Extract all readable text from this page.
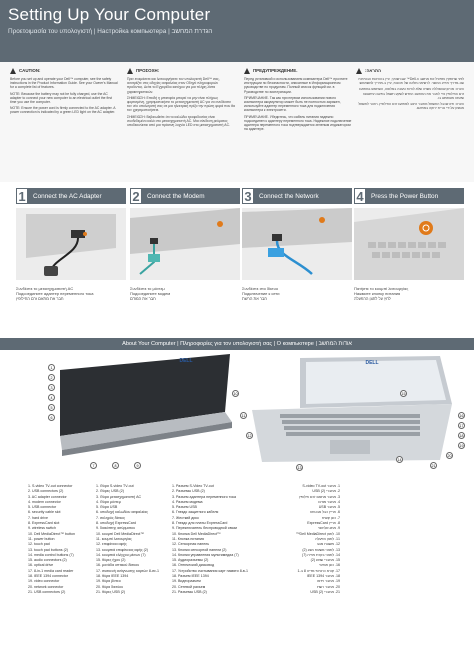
Setting Up Your Computer
Προετοιμασία του υπολογιστή | Настройка компьютера | הגדרת המחשב
CAUTION:

Before you set up and operate your Dell™ computer, see the safety instructions in the Product Information Guide. See your Owner's Manual for a complete list of features.

NOTE: Because the battery may not be fully charged, use the AC adapter to connect your new computer to an electrical outlet the first time you use the computer.

NOTE: Ensure the power cord is firmly connected to the AC adapter. A power connection is indicated by a green LED light on the AC adapter.

ΠΡΟΣΟΧΗ:

Πριν ετοιμάσετε και λειτουργήσετε τον υπολογιστή Dell™ σας, ανατρέξτε στις οδηγίες ασφαλείας στον Οδηγό πληροφοριών προϊόντος. Δείτε το Εγχειρίδιο κατόχου για μια πλήρη λίστα χαρακτηριστικών.

ΣΗΜΕΙΩΣΗ: Επειδή η μπαταρία μπορεί να μην είναι πλήρως φορτισμένη, χρησιμοποιήστε το μετασχηματιστή AC για να συνδέσετε τον νέο υπολογιστή σας σε μια ηλεκτρική πρίζα την πρώτη φορά που θα τον χρησιμοποιήσετε.

ΣΗΜΕΙΩΣΗ: Βεβαιωθείτε ότι το καλώδιο τροφοδοσίας είναι συνδεδεμένο καλά στο μετασχηματιστή AC. Μια σύνδεση ρεύματος υποδεικνύεται από μια πράσινη λυχνία LED στο μετασχηματιστή AC.

ПРЕДУПРЕЖДЕНИЕ.

Перед установкой и использованием компьютера Dell™ прочтите инструкции по безопасности, описанные в Информационном руководстве по продуктам. Полный список функций см. в Руководстве по эксплуатации.

ПРИМЕЧАНИЕ. Так как при первом использовании нового компьютера аккумулятор может быть не полностью заряжен, используйте адаптер переменного тока для подключения компьютера к электросети.

ПРИМЕЧАНИЕ. Убедитесь, что кабель питания надежно подсоединен к адаптеру переменного тока. Надежное подключение адаптера переменного тока подтверждается зеленым индикатором на адаптере.

התראה:

לפני שתתקין ותפעיל את מחשב ה-Dell™ שברשותך, עיין בהוראות הבטיחות שב-מדריך מידע המוצר. לרשימה מלאה של תכונות, עיין ב-מדריך למשתמש.

הערה: מכיוון שהסוללה עשויה שלא להיות טעונה במלואה, השתמש במתאם זרם החילופין כדי לחבר את המחשב החדש לשקע חשמל בפעם הראשונה שאתה משתמש בו.

הערה: ודא שכבל החשמל מחובר היטב למתאם זרם החילופין. חיבור לחשמל מסומן על-ידי נורית ירוקה במתאם.

1	Connect the AC Adapter
Συνδέστε το μετασχηματιστή AC
Подсоедините адаптер переменного тока
חבר את מתאם זרם החילופין
2	Connect the Modem
Συνδέστε το μόντεμ
Подсоедините модем
חבר את המודם
3	Connect the Network
Συνδέστε στο δίκτυο
Подключение к сети
חבר את הרשת
4	Press the Power Button
Πατήστε το κουμπί λειτουργίας
Нажмите кнопку питания
לחץ על לחצן ההפעלה
About Your Computer | Πληροφορίες για τον υπολογιστή σας | О компьютере | אודות המחשב
DELL	DELL
1
2
3
4
5
6
7	8	9
10
11
12
13
14
15
16
17
18
19
20
21
1. S-video TV-out connector
2. USB connectors (2)
3. AC adapter connector
4. modem connector
5. USB connector
6. security cable slot
7. hard drive
8. ExpressCard slot
9. wireless switch
10. Dell MediaDirect™ button
11. power button
12. touch pad
13. touch pad buttons (2)
14. media control buttons (7)
15. audio connectors (2)
16. optical drive
17. 8-in-1 media card reader
18. IEEE 1394 connector
19. video connector
20. network connector
21. USB connectors (2)
1. Θύρα S-video TV-out
2. Θύρες USB (2)
3. Θύρα μετασχηματιστή AC
4. Θύρα μόντεμ
5. Θύρα USB
6. υποδοχή καλωδίου ασφαλείας
7. σκληρός δίσκος
8. υποδοχή ExpressCard
9. διακόπτης ασύρματου
10. κουμπί Dell MediaDirect™
11. κουμπί λειτουργίας
12. επιφάνεια αφής
13. κουμπιά επιφάνειας αφής (2)
14. κουμπιά ελέγχου μέσων (7)
15. θύρες ήχου (2)
16. μονάδα οπτικού δίσκου
17. συσκευή ανάγνωσης καρτών 8-σε-1
18. θύρα IEEE 1394
19. θύρα βίντεο
20. θύρα δικτύου
21. θύρες USB (2)
1. Разъем S-Video TV-out
2. Разъемы USB (2)
3. Разъем адаптера переменного тока
4. Разъем модема
5. Разъем USB
6. Гнездо защитного кабеля
7. Жесткий диск
8. Гнездо для платы ExpressCard
9. Переключатель беспроводной связи
10. Кнопка Dell MediaDirect™
11. Кнопка питания
12. Сенсорная панель
13. Кнопки сенсорной панели (2)
14. Кнопки управления мультимедиа (7)
15. Аудиоразъемы (2)
16. Оптический дисковод
17. Устройство считывания карт памяти 8-в-1
18. Разъем IEEE 1394
19. Видеоразъем
20. Сетевой разъем
21. Разъемы USB (2)
1. מחבר S-video TV-out
2. מחברי USB (2)
3. מחבר מתאם זרם חילופין
4. מחבר מודם
5. מחבר USB
6. חריץ כבל אבטחה
7. כונן קשיח
8. חריץ ExpressCard
9. מתג אלחוטי
10. לחצן Dell MediaDirect™
11. לחצן הפעלה
12. משטח מגע
13. לחצני משטח מגע (2)
14. לחצני בקרת מדיה (7)
15. מחברי שמע (2)
16. כונן אופטי
17. קורא כרטיסי מדיה 8 ב-1
18. מחבר IEEE 1394
19. מחבר וידאו
20. מחבר רשת
21. מחברי USB (2)
